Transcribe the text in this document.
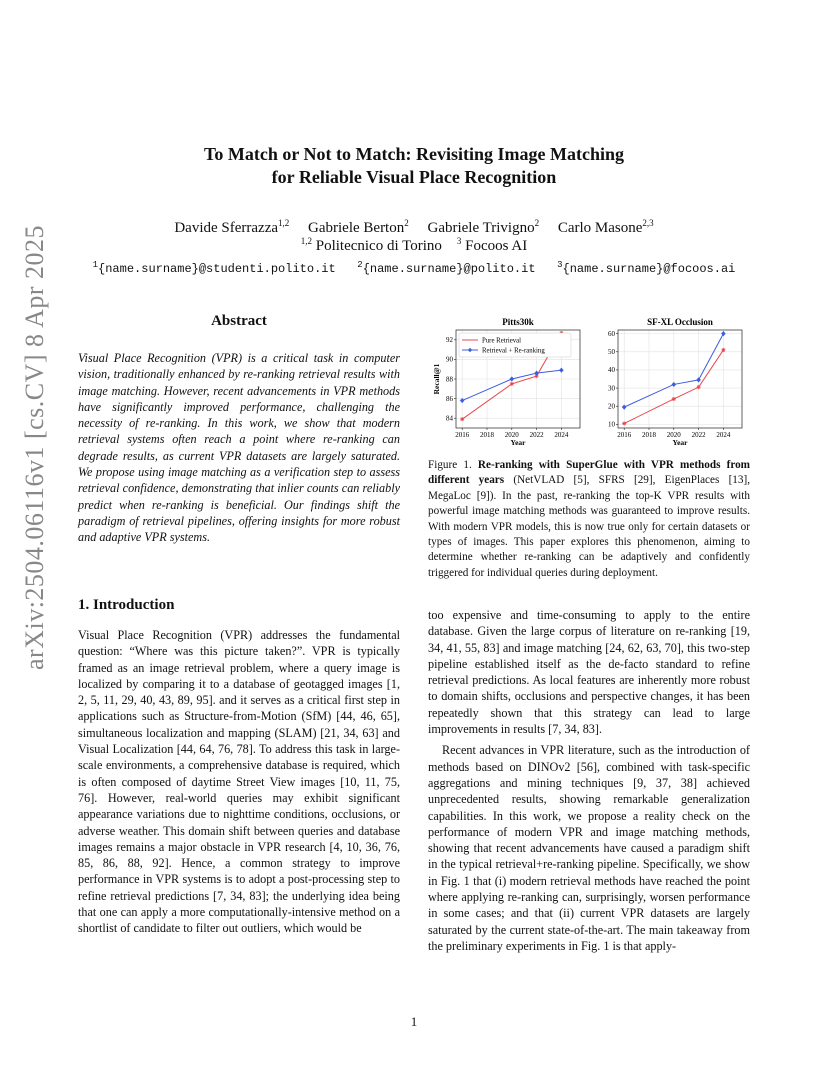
arXiv:2504.06116v1 [cs.CV] 8 Apr 2025
To Match or Not to Match: Revisiting Image Matching
for Reliable Visual Place Recognition
Davide Sferrazza$^{1,2}$ Gabriele Berton$^2$ Gabriele Trivigno$^2$ Carlo Masone$^{2,3}$
$^{1,2}$ Politecnico di Torino $^3$ Focoos AI
$^1${name.surname}@studenti.polito.it $^2${name.surname}@polito.it $^3${name.surname}@focoos.ai
Abstract
Visual Place Recognition (VPR) is a critical task in computer vision, traditionally enhanced by re-ranking retrieval results with image matching. However, recent advancements in VPR methods have significantly improved performance, challenging the necessity of re-ranking. In this work, we show that modern retrieval systems often reach a point where re-ranking can degrade results, as current VPR datasets are largely saturated. We propose using image matching as a verification step to assess retrieval confidence, demonstrating that inlier counts can reliably predict when re-ranking is beneficial. Our findings shift the paradigm of retrieval pipelines, offering insights for more robust and adaptive VPR systems.
Pitts30k
2016 2018 2020 2022 2024
84
86
88
90
92
Year
Recall@1
Pure Retrieval
Retrieval + Re-ranking
SF-XL Occlusion
2016 2018 2020 2022 2024
10
20
30
40
50
60
Year
Figure 1. Re-ranking with SuperGlue with VPR methods from different years (NetVLAD [5], SFRS [29], EigenPlaces [13], MegaLoc [9]). In the past, re-ranking the top-K VPR results with powerful image matching methods was guaranteed to improve results. With modern VPR models, this is now true only for certain datasets or types of images. This paper explores this phenomenon, aiming to determine whether re-ranking can be adaptively and confidently triggered for individual queries during deployment.
1. Introduction

Visual Place Recognition (VPR) addresses the fundamental question: “Where was this picture taken?”. VPR is typically framed as an image retrieval problem, where a query image is localized by comparing it to a database of geotagged images [1, 2, 5, 11, 29, 40, 43, 89, 95]. and it serves as a critical first step in applications such as Structure-from-Motion (SfM) [44, 46, 65], simultaneous localization and mapping (SLAM) [21, 34, 63] and Visual Localization [44, 64, 76, 78]. To address this task in large-scale environments, a comprehensive database is required, which is often composed of daytime Street View images [10, 11, 75, 76]. However, real-world queries may exhibit significant appearance variations due to nighttime conditions, occlusions, or adverse weather. This domain shift between queries and database images remains a major obstacle in VPR research [4, 10, 36, 76, 85, 86, 88, 92]. Hence, a common strategy to improve performance in VPR systems is to adopt a post-processing step to refine retrieval predictions [7, 34, 83]; the underlying idea being that one can apply a more computationally-intensive method on a shortlist of candidate to filter out outliers, which would be

too expensive and time-consuming to apply to the entire database. Given the large corpus of literature on re-ranking [19, 34, 41, 55, 83] and image matching [24, 62, 63, 70], this two-step pipeline established itself as the de-facto standard to refine retrieval predictions. As local features are inherently more robust to domain shifts, occlusions and perspective changes, it has been repeatedly shown that this strategy can lead to large improvements in results [7, 34, 83].

Recent advances in VPR literature, such as the introduction of methods based on DINOv2 [56], combined with task-specific aggregations and mining techniques [9, 37, 38] achieved unprecedented results, showing remarkable generalization capabilities. In this work, we propose a reality check on the performance of modern VPR and image matching methods, showing that recent advancements have caused a paradigm shift in the typical retrieval+re-ranking pipeline. Specifically, we show in Fig. 1 that (i) modern retrieval methods have reached the point where applying re-ranking can, surprisingly, worsen performance in some cases; and that (ii) current VPR datasets are largely saturated by the current state-of-the-art. The main takeaway from the preliminary experiments in Fig. 1 is that apply-

1
